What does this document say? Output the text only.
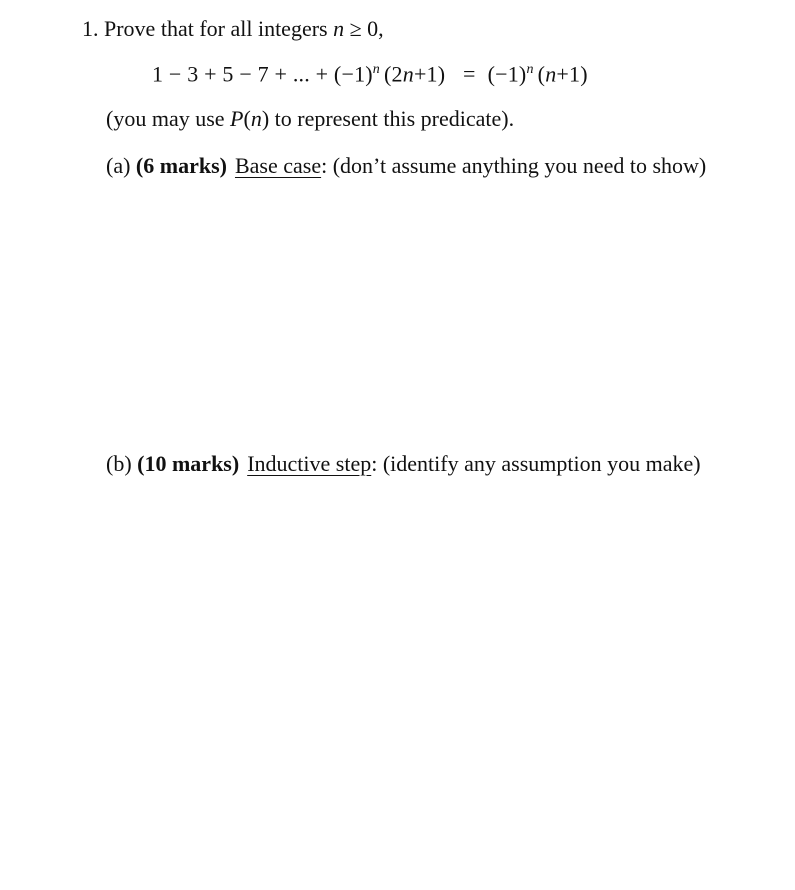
1. Prove that for all integers n ≥ 0,
1 − 3 + 5 − 7 + ... + $(-1)^n$ $(2n+1) = (-1)^n$ (n+1)
(you may use P(n) to represent this predicate).
(a) (6 marks) Base case: (don’t assume anything you need to show)
(b) (10 marks) Inductive step: (identify any assumption you make)
